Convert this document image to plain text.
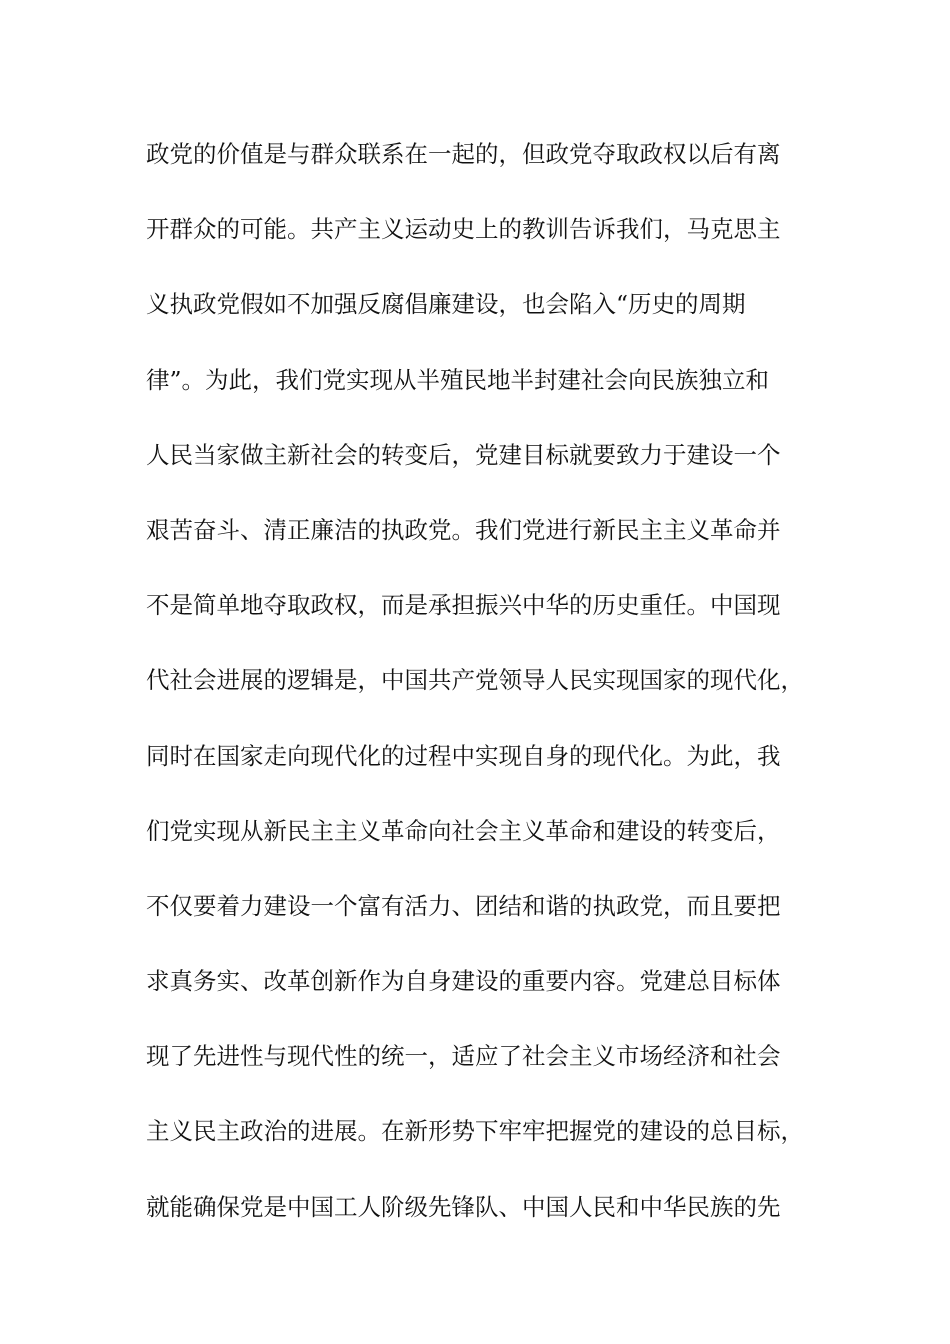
政党的价值是与群众联系在一起的，但政党夺取政权以后有离
开群众的可能。共产主义运动史上的教训告诉我们，马克思主
义执政党假如不加强反腐倡廉建设，也会陷入“历史的周期
律”。为此，我们党实现从半殖民地半封建社会向民族独立和
人民当家做主新社会的转变后，党建目标就要致力于建设一个
艰苦奋斗、清正廉洁的执政党。我们党进行新民主主义革命并
不是简单地夺取政权，而是承担振兴中华的历史重任。中国现
代社会进展的逻辑是，中国共产党领导人民实现国家的现代化，
同时在国家走向现代化的过程中实现自身的现代化。为此，我
们党实现从新民主主义革命向社会主义革命和建设的转变后，
不仅要着力建设一个富有活力、团结和谐的执政党，而且要把
求真务实、改革创新作为自身建设的重要内容。党建总目标体
现了先进性与现代性的统一，适应了社会主义市场经济和社会
主义民主政治的进展。在新形势下牢牢把握党的建设的总目标，
就能确保党是中国工人阶级先锋队、中国人民和中华民族的先
